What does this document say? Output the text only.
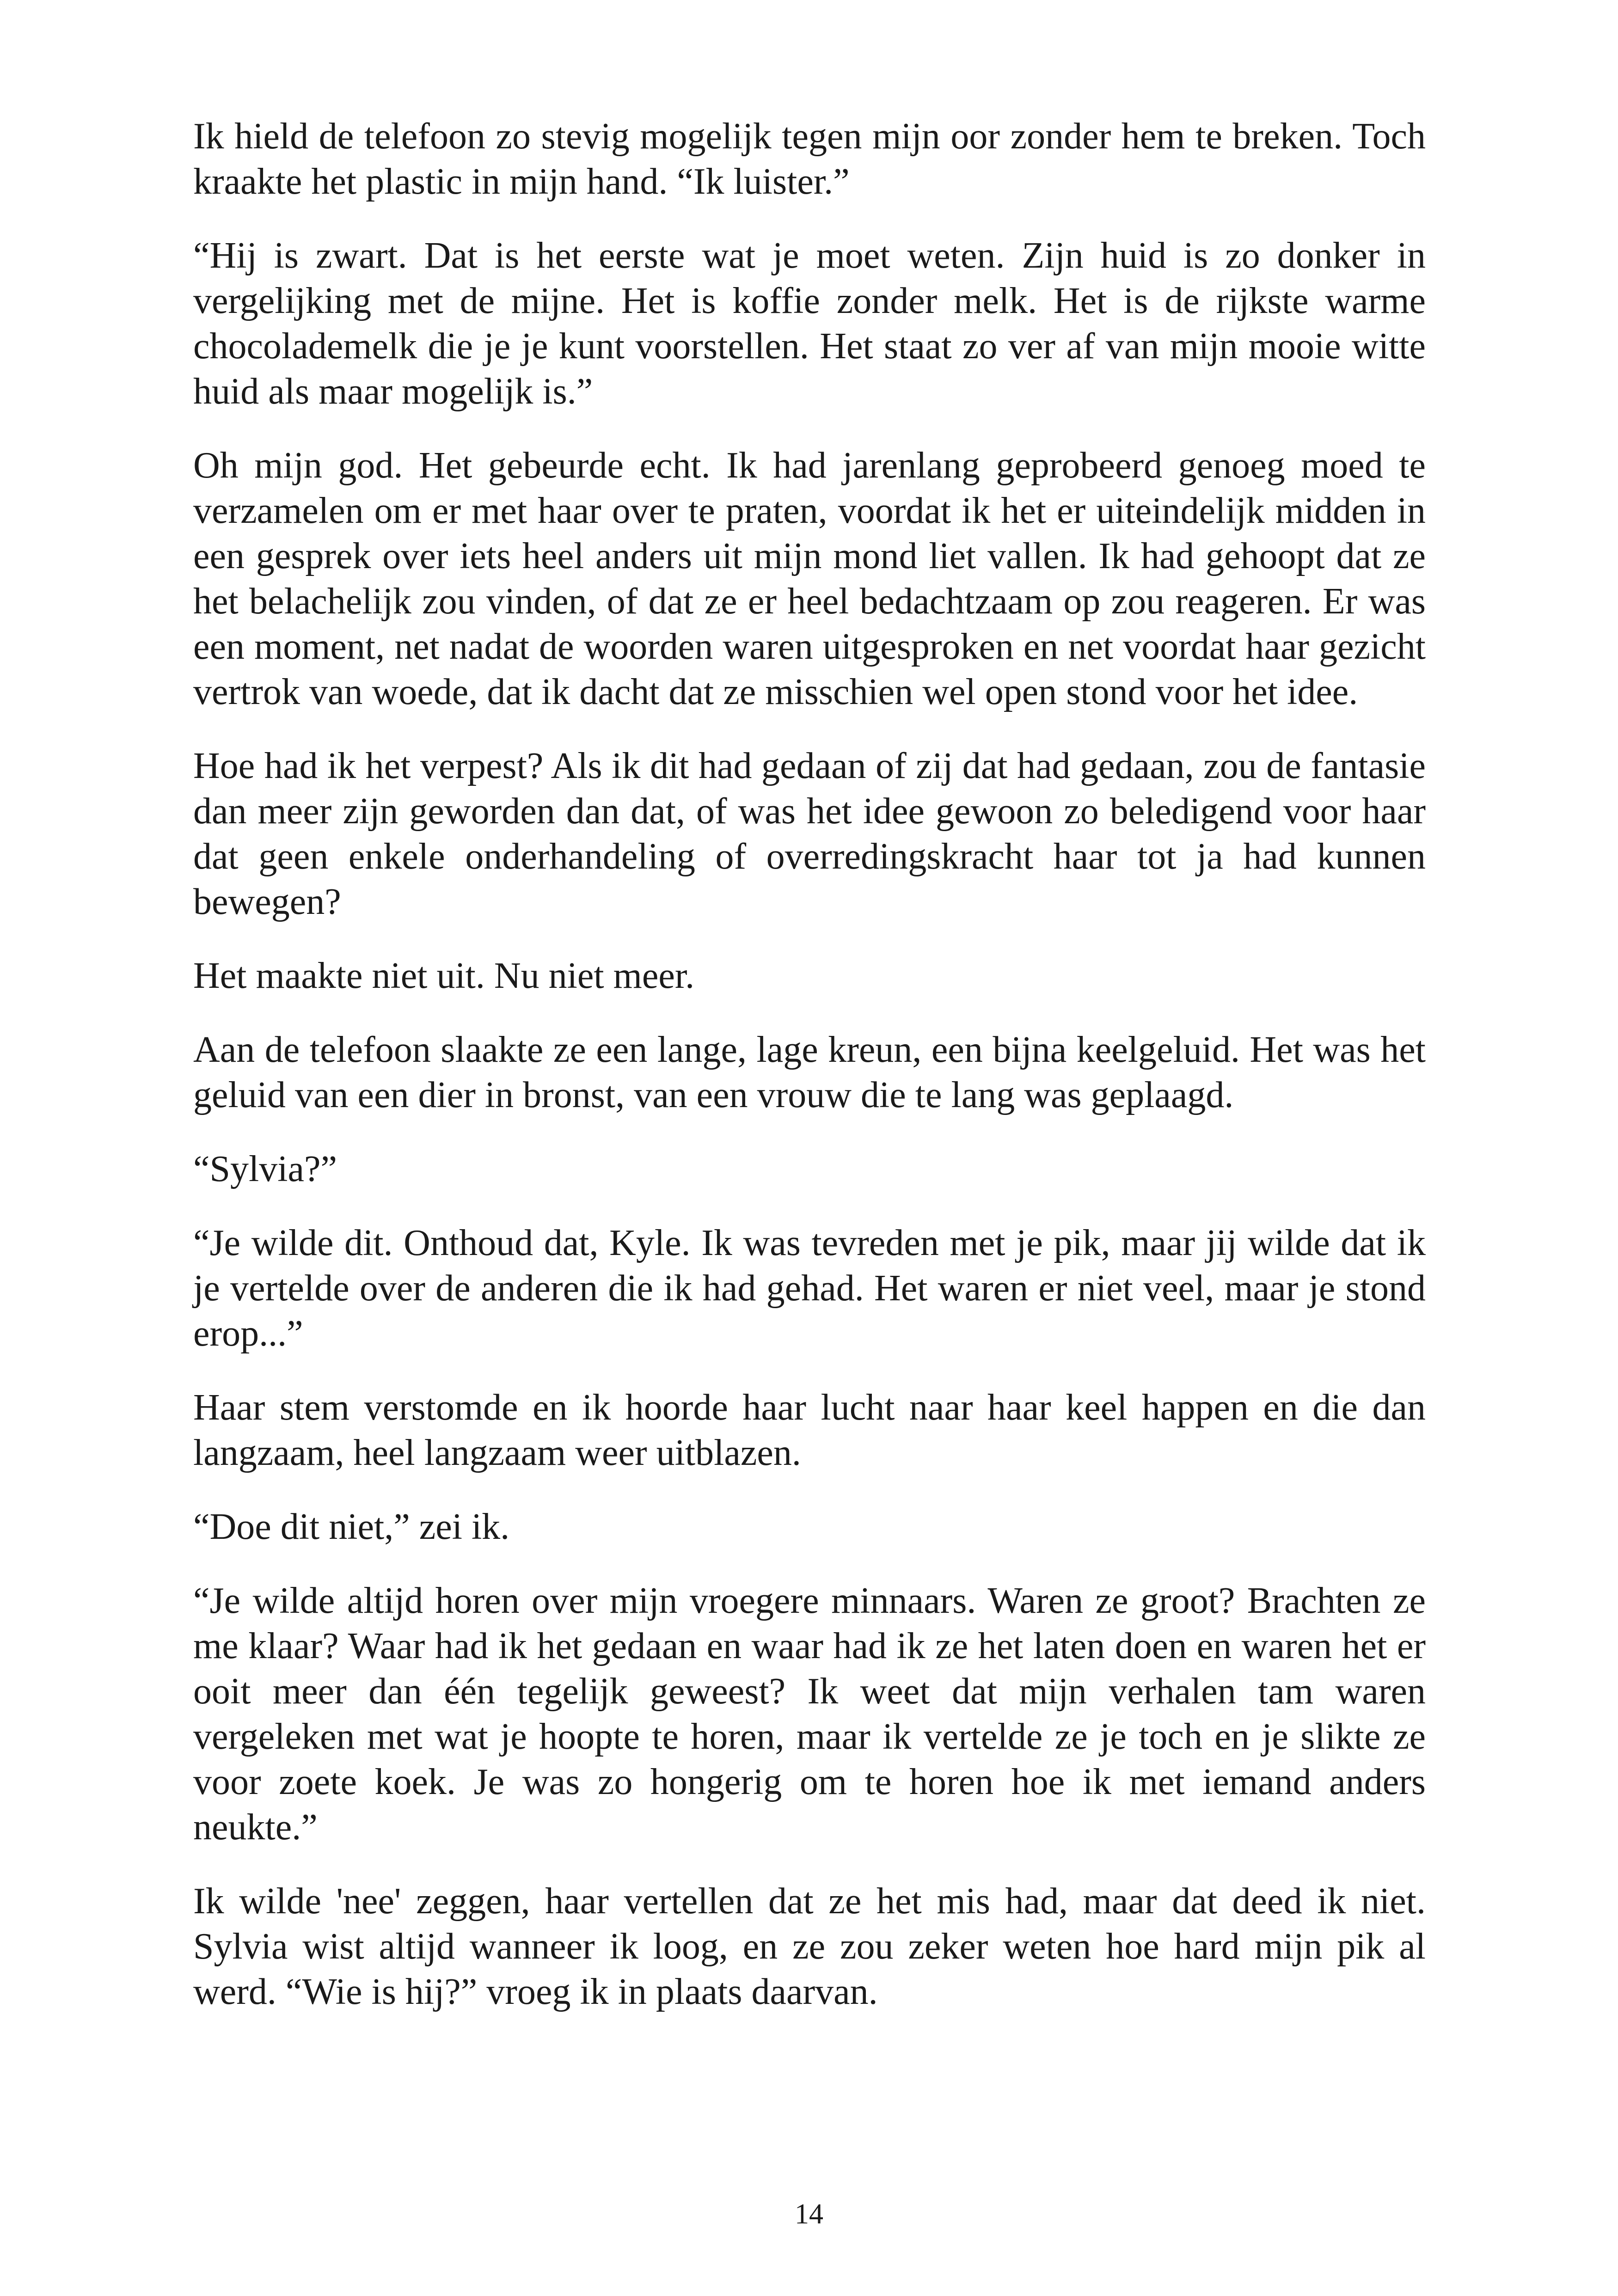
Ik hield de telefoon zo stevig mogelijk tegen mijn oor zonder hem te breken. Toch kraakte het plastic in mijn hand. “Ik luister.”

“Hij is zwart. Dat is het eerste wat je moet weten. Zijn huid is zo donker in vergelijking met de mijne. Het is koffie zonder melk. Het is de rijkste warme chocolademelk die je je kunt voorstellen. Het staat zo ver af van mijn mooie witte huid als maar mogelijk is.”

Oh mijn god. Het gebeurde echt. Ik had jarenlang geprobeerd genoeg moed te verzamelen om er met haar over te praten, voordat ik het er uiteindelijk midden in een gesprek over iets heel anders uit mijn mond liet vallen. Ik had gehoopt dat ze het belachelijk zou vinden, of dat ze er heel bedachtzaam op zou reageren. Er was een moment, net nadat de woorden waren uitgesproken en net voordat haar gezicht vertrok van woede, dat ik dacht dat ze misschien wel open stond voor het idee.

Hoe had ik het verpest? Als ik dit had gedaan of zij dat had gedaan, zou de fantasie dan meer zijn geworden dan dat, of was het idee gewoon zo beledigend voor haar dat geen enkele onderhandeling of overredingskracht haar tot ja had kunnen bewegen?

Het maakte niet uit. Nu niet meer.

Aan de telefoon slaakte ze een lange, lage kreun, een bijna keelgeluid. Het was het geluid van een dier in bronst, van een vrouw die te lang was geplaagd.

“Sylvia?”

“Je wilde dit. Onthoud dat, Kyle. Ik was tevreden met je pik, maar jij wilde dat ik je vertelde over de anderen die ik had gehad. Het waren er niet veel, maar je stond erop...”

Haar stem verstomde en ik hoorde haar lucht naar haar keel happen en die dan langzaam, heel langzaam weer uitblazen.

“Doe dit niet,” zei ik.

“Je wilde altijd horen over mijn vroegere minnaars. Waren ze groot? Brachten ze me klaar? Waar had ik het gedaan en waar had ik ze het laten doen en waren het er ooit meer dan één tegelijk geweest? Ik weet dat mijn verhalen tam waren vergeleken met wat je hoopte te horen, maar ik vertelde ze je toch en je slikte ze voor zoete koek. Je was zo hongerig om te horen hoe ik met iemand anders neukte.”

Ik wilde 'nee' zeggen, haar vertellen dat ze het mis had, maar dat deed ik niet. Sylvia wist altijd wanneer ik loog, en ze zou zeker weten hoe hard mijn pik al werd. “Wie is hij?” vroeg ik in plaats daarvan.

14
